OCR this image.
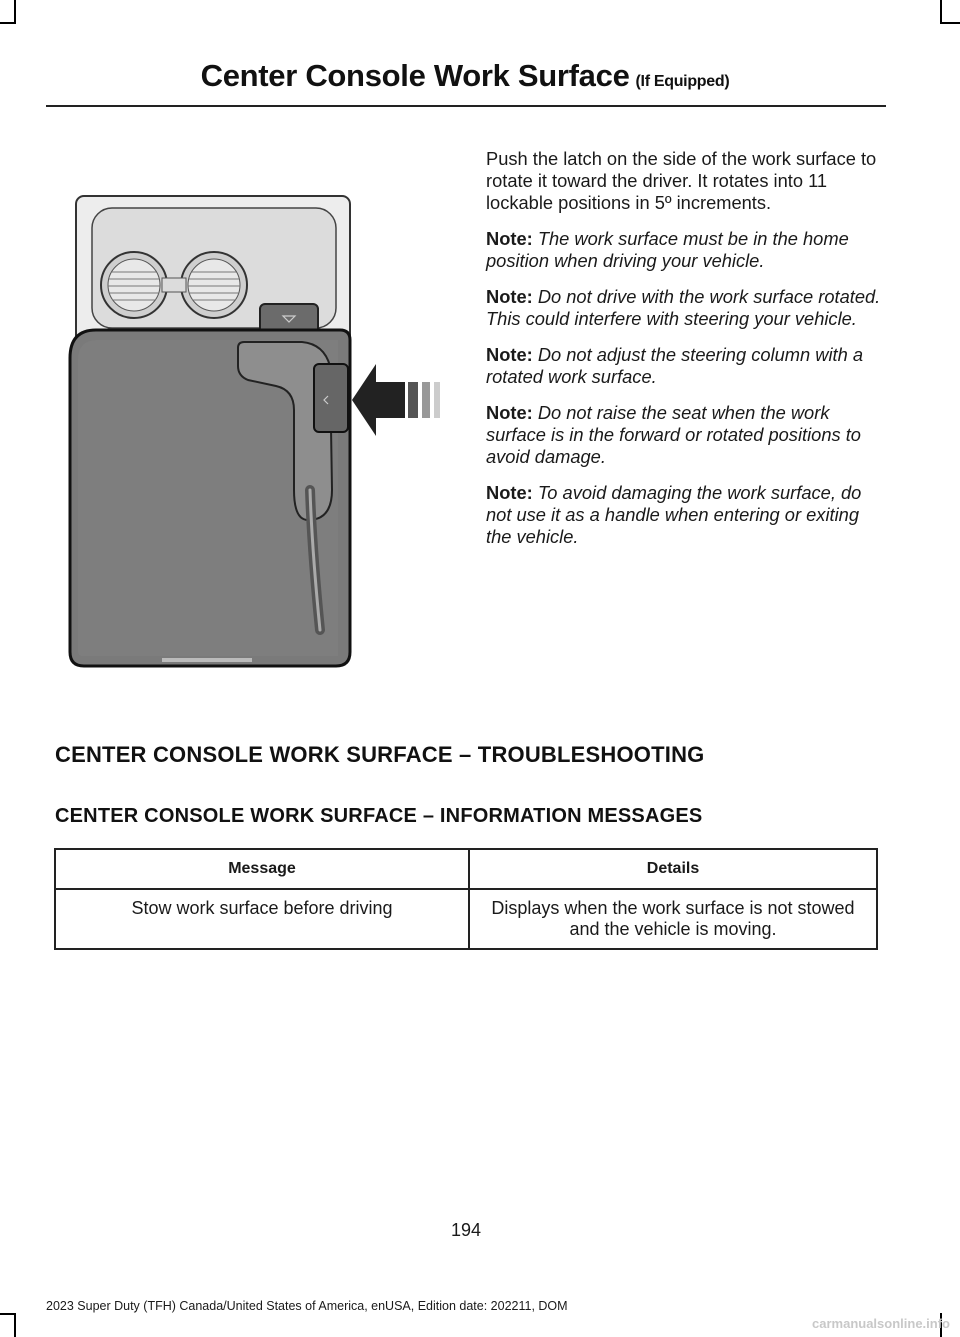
Center Console Work Surface (If Equipped)

Push the latch on the side of the work surface to rotate it toward the driver. It rotates into 11 lockable positions in 5º increments.

Note: The work surface must be in the home position when driving your vehicle.

Note: Do not drive with the work surface rotated. This could interfere with steering your vehicle.

Note: Do not adjust the steering column with a rotated work surface.

Note: Do not raise the seat when the work surface is in the forward or rotated positions to avoid damage.

Note: To avoid damaging the work surface, do not use it as a handle when entering or exiting the vehicle.

CENTER CONSOLE WORK SURFACE – TROUBLESHOOTING
CENTER CONSOLE WORK SURFACE – INFORMATION MESSAGES
Message	Details
Stow work surface before driving	Displays when the work surface is not stowed and the vehicle is moving.
194
2023 Super Duty (TFH) Canada/United States of America, enUSA, Edition date: 202211, DOM
carmanualsonline.info
